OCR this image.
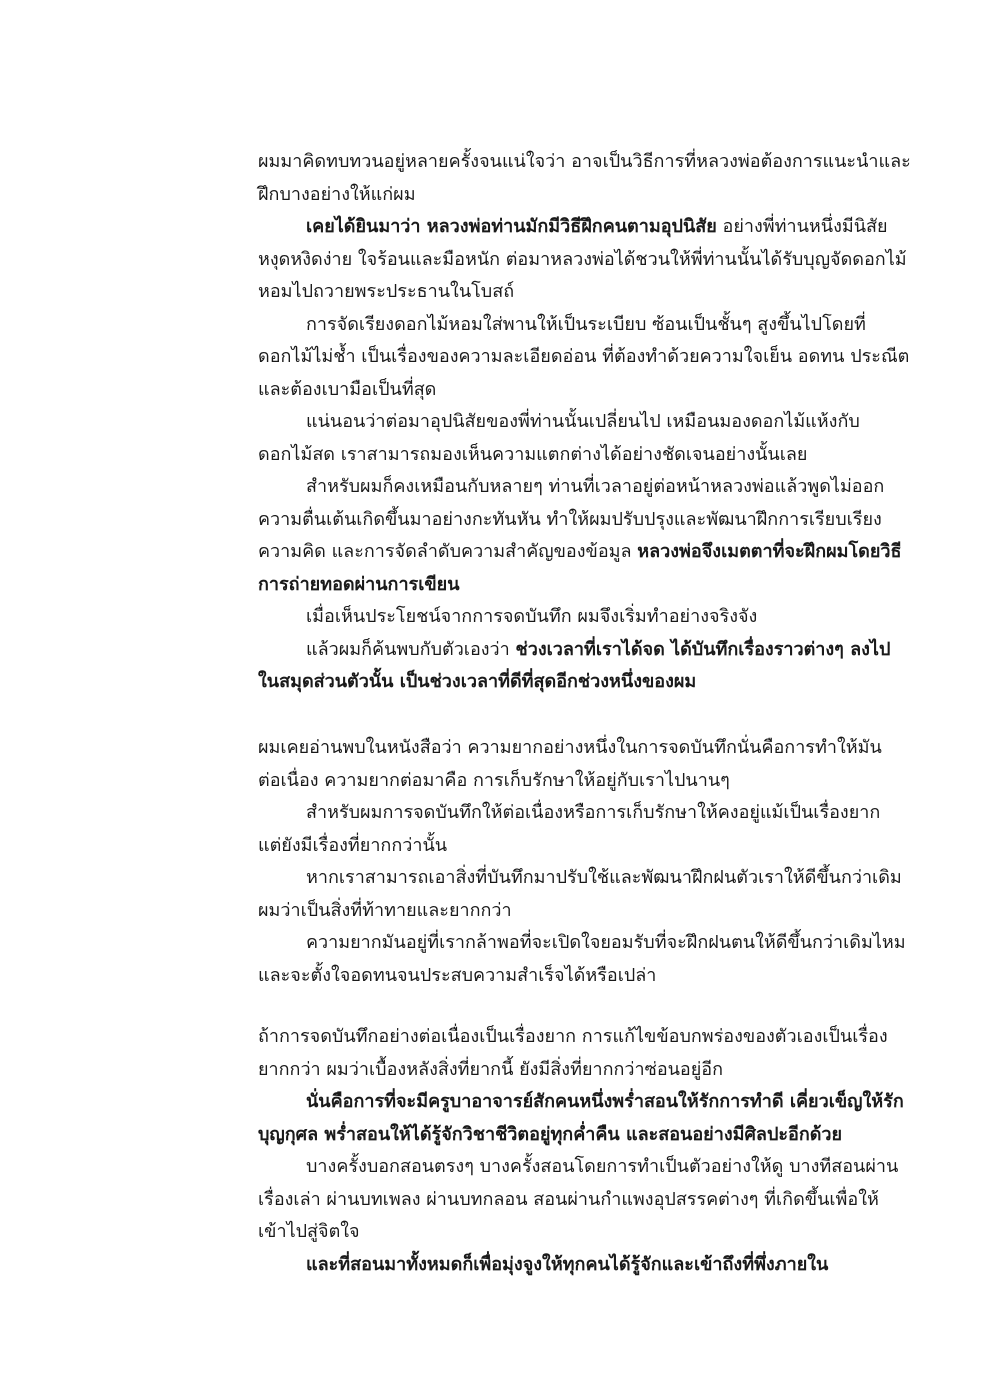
ผมมาคิดทบทวนอยู่หลายครั้งจนแน่ใจว่า อาจเป็นวิธีการที่หลวงพ่อต้องการแนะนำและ
ฝึกบางอย่างให้แก่ผม
เคยได้ยินมาว่า หลวงพ่อท่านมักมีวิธีฝึกคนตามอุปนิสัย อย่างพี่ท่านหนึ่งมีนิสัย
หงุดหงิดง่าย ใจร้อนและมือหนัก ต่อมาหลวงพ่อได้ชวนให้พี่ท่านนั้นได้รับบุญจัดดอกไม้
หอมไปถวายพระประธานในโบสถ์
การจัดเรียงดอกไม้หอมใส่พานให้เป็นระเบียบ ซ้อนเป็นชั้นๆ สูงขึ้นไปโดยที่
ดอกไม้ไม่ช้ำ เป็นเรื่องของความละเอียดอ่อน ที่ต้องทำด้วยความใจเย็น อดทน ประณีต
และต้องเบามือเป็นที่สุด
แน่นอนว่าต่อมาอุปนิสัยของพี่ท่านนั้นเปลี่ยนไป เหมือนมองดอกไม้แห้งกับ
ดอกไม้สด เราสามารถมองเห็นความแตกต่างได้อย่างชัดเจนอย่างนั้นเลย
สำหรับผมก็คงเหมือนกับหลายๆ ท่านที่เวลาอยู่ต่อหน้าหลวงพ่อแล้วพูดไม่ออก
ความตื่นเต้นเกิดขึ้นมาอย่างกะทันหัน ทำให้ผมปรับปรุงและพัฒนาฝึกการเรียบเรียง
ความคิด และการจัดลำดับความสำคัญของข้อมูล หลวงพ่อจึงเมตตาที่จะฝึกผมโดยวิธี
การถ่ายทอดผ่านการเขียน
เมื่อเห็นประโยชน์จากการจดบันทึก ผมจึงเริ่มทำอย่างจริงจัง
แล้วผมก็ค้นพบกับตัวเองว่า ช่วงเวลาที่เราได้จด ได้บันทึกเรื่องราวต่างๆ ลงไป
ในสมุดส่วนตัวนั้น เป็นช่วงเวลาที่ดีที่สุดอีกช่วงหนึ่งของผม
ผมเคยอ่านพบในหนังสือว่า ความยากอย่างหนึ่งในการจดบันทึกนั่นคือการทำให้มัน
ต่อเนื่อง ความยากต่อมาคือ การเก็บรักษาให้อยู่กับเราไปนานๆ
สำหรับผมการจดบันทึกให้ต่อเนื่องหรือการเก็บรักษาให้คงอยู่แม้เป็นเรื่องยาก
แต่ยังมีเรื่องที่ยากกว่านั้น
หากเราสามารถเอาสิ่งที่บันทึกมาปรับใช้และพัฒนาฝึกฝนตัวเราให้ดีขึ้นกว่าเดิม
ผมว่าเป็นสิ่งที่ท้าทายและยากกว่า
ความยากมันอยู่ที่เรากล้าพอที่จะเปิดใจยอมรับที่จะฝึกฝนตนให้ดีขึ้นกว่าเดิมไหม
และจะตั้งใจอดทนจนประสบความสำเร็จได้หรือเปล่า
ถ้าการจดบันทึกอย่างต่อเนื่องเป็นเรื่องยาก การแก้ไขข้อบกพร่องของตัวเองเป็นเรื่อง
ยากกว่า ผมว่าเบื้องหลังสิ่งที่ยากนี้ ยังมีสิ่งที่ยากกว่าซ่อนอยู่อีก
นั่นคือการที่จะมีครูบาอาจารย์สักคนหนึ่งพร่ำสอนให้รักการทำดี เคี่ยวเข็ญให้รัก
บุญกุศล พร่ำสอนให้ได้รู้จักวิชาชีวิตอยู่ทุกค่ำคืน และสอนอย่างมีศิลปะอีกด้วย
บางครั้งบอกสอนตรงๆ บางครั้งสอนโดยการทำเป็นตัวอย่างให้ดู บางทีสอนผ่าน
เรื่องเล่า ผ่านบทเพลง ผ่านบทกลอน สอนผ่านกำแพงอุปสรรคต่างๆ ที่เกิดขึ้นเพื่อให้
เข้าไปสู่จิตใจ
และที่สอนมาทั้งหมดก็เพื่อมุ่งจูงให้ทุกคนได้รู้จักและเข้าถึงที่พึ่งภายใน
